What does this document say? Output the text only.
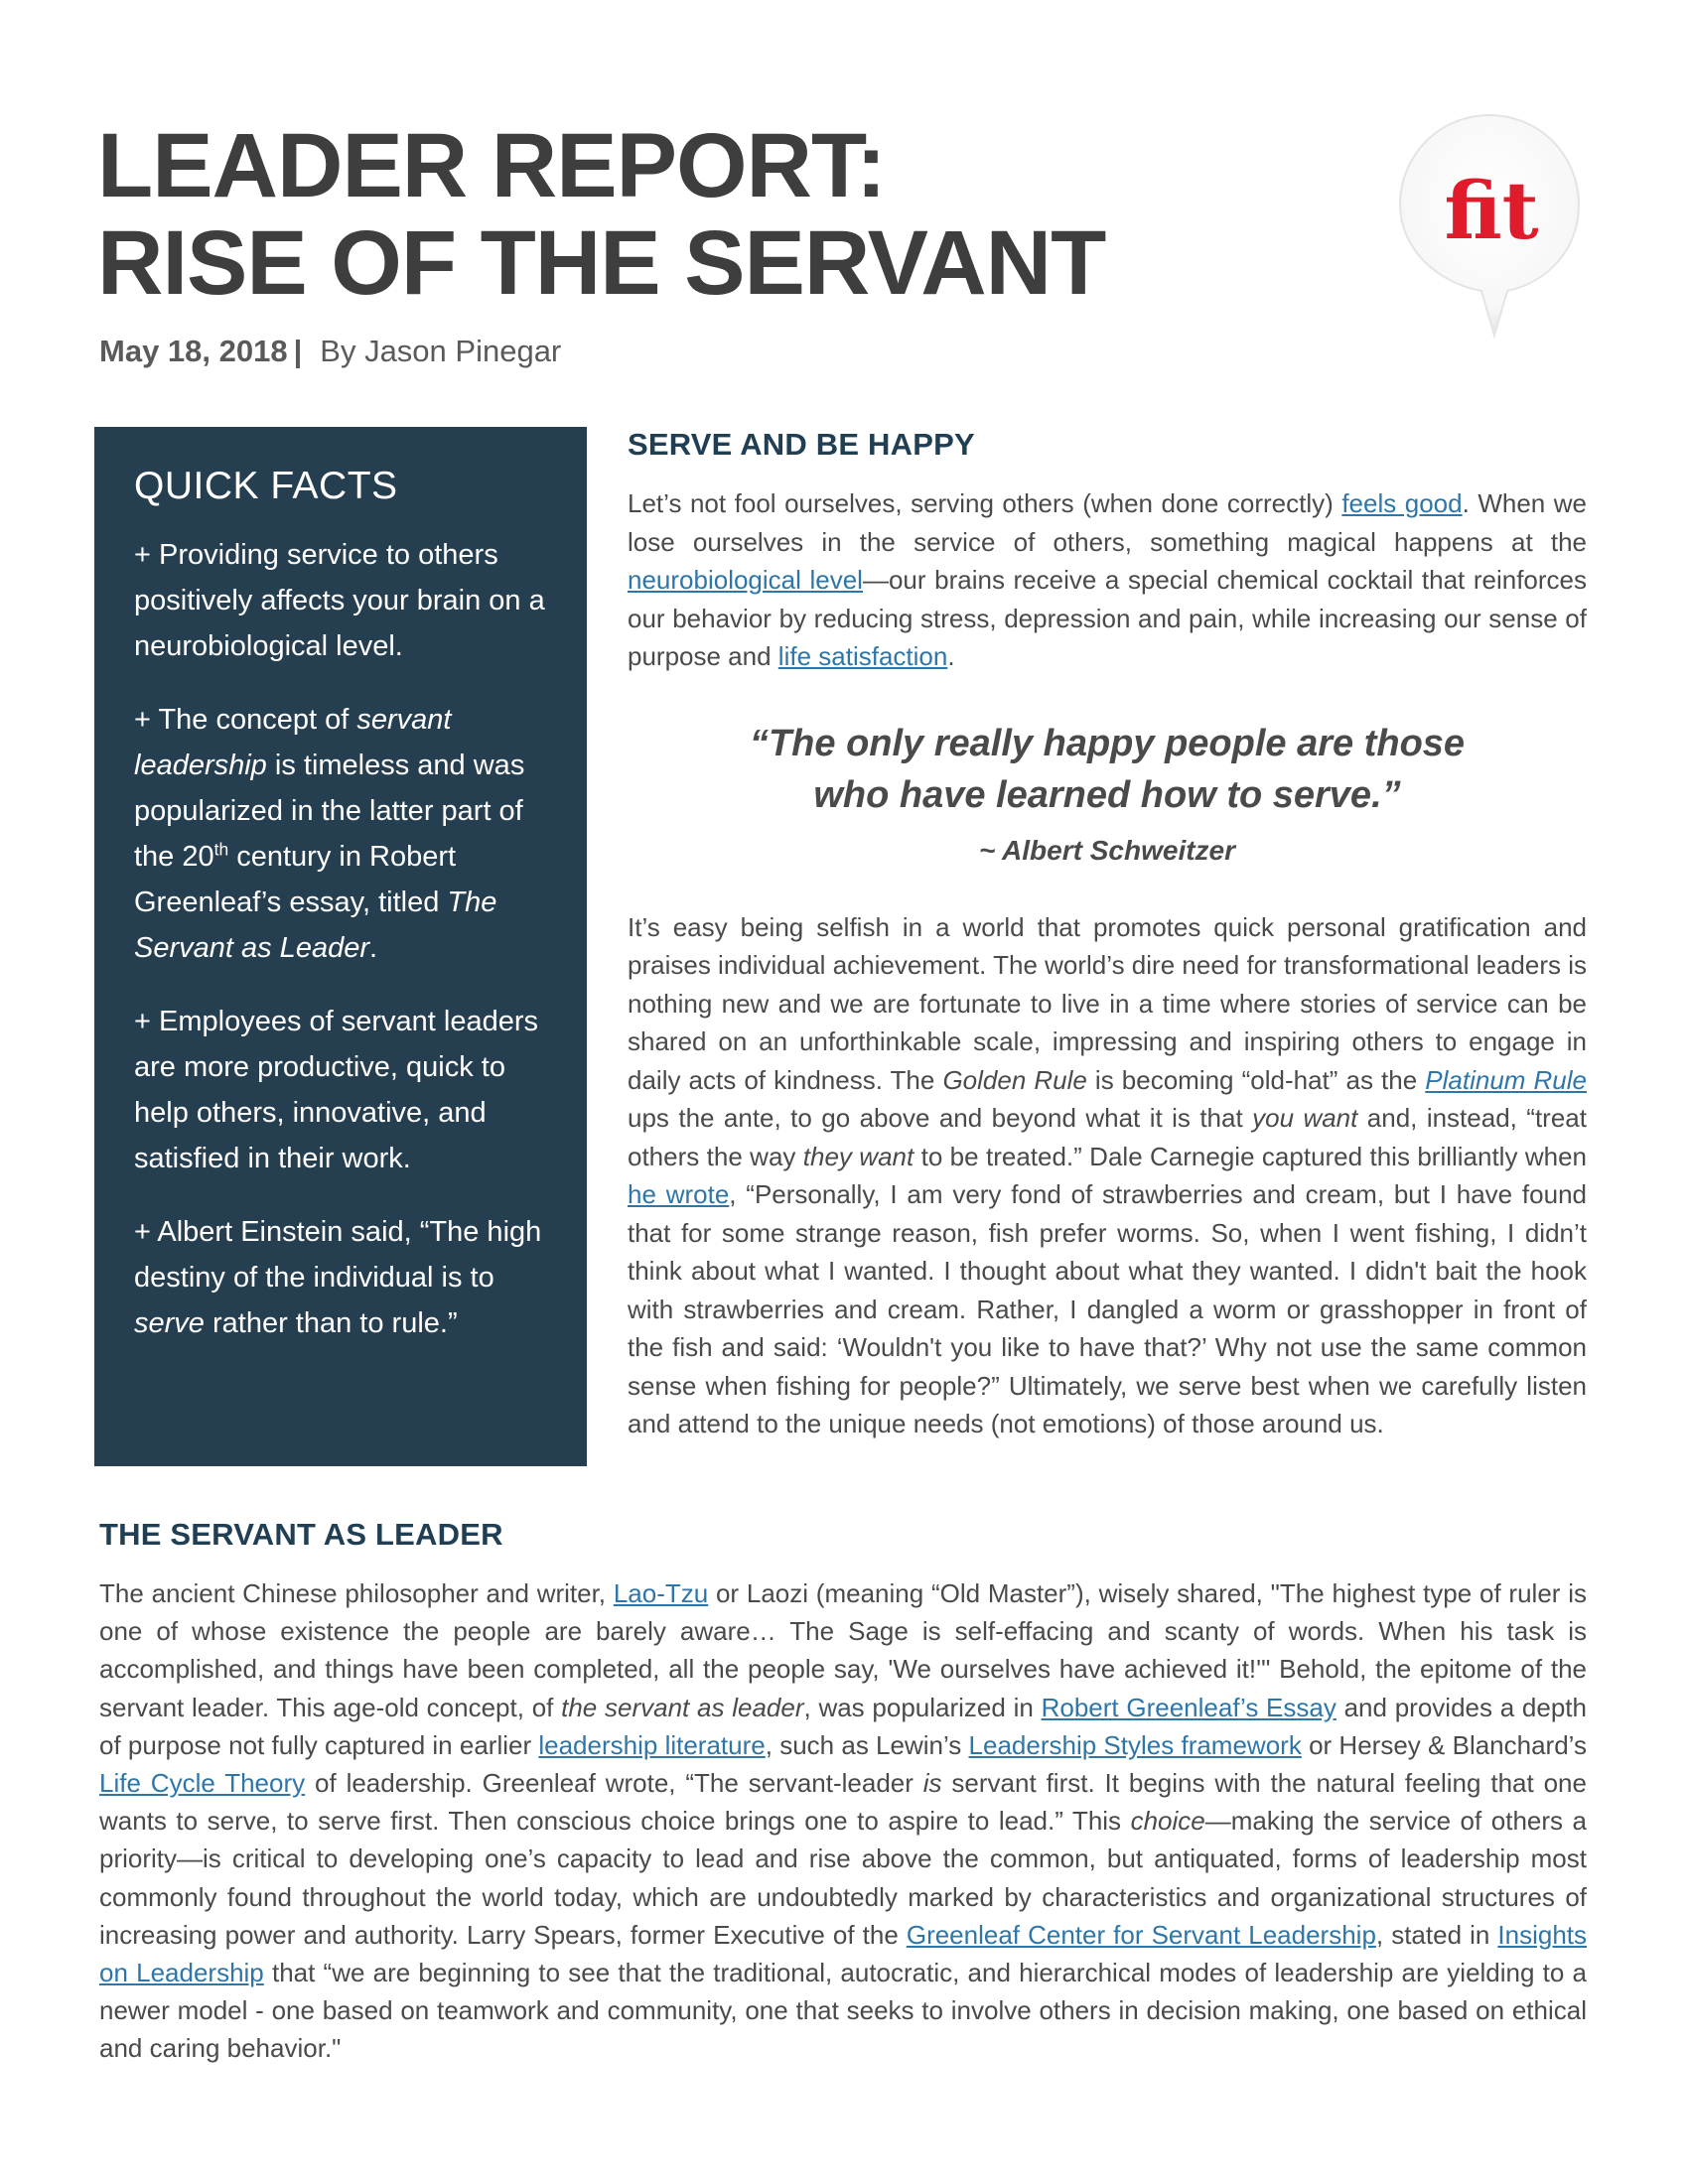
LEADER REPORT:
RISE OF THE SERVANT
May 18, 2018 | By Jason Pinegar
fit
QUICK FACTS

+ Providing service to others positively affects your brain on a neurobiological level.

+ The concept of servant leadership is timeless and was popularized in the latter part of the 20th century in Robert Greenleaf’s essay, titled The Servant as Leader.

+ Employees of servant leaders are more productive, quick to help others, innovative, and satisfied in their work.

+ Albert Einstein said, “The high destiny of the individual is to serve rather than to rule.”

SERVE AND BE HAPPY

Let’s not fool ourselves, serving others (when done correctly) feels good. When we lose ourselves in the service of others, something magical happens at the neurobiological level—our brains receive a special chemical cocktail that reinforces our behavior by reducing stress, depression and pain, while increasing our sense of purpose and life satisfaction.

“The only really happy people are those
who have learned how to serve.”
~ Albert Schweitzer

It’s easy being selfish in a world that promotes quick personal gratification and praises individual achievement. The world’s dire need for transformational leaders is nothing new and we are fortunate to live in a time where stories of service can be shared on an unforthinkable scale, impressing and inspiring others to engage in daily acts of kindness. The Golden Rule is becoming “old-hat” as the Platinum Rule ups the ante, to go above and beyond what it is that you want and, instead, “treat others the way they want to be treated.” Dale Carnegie captured this brilliantly when he wrote, “Personally, I am very fond of strawberries and cream, but I have found that for some strange reason, fish prefer worms. So, when I went fishing, I didn’t think about what I wanted. I thought about what they wanted. I didn't bait the hook with strawberries and cream. Rather, I dangled a worm or grasshopper in front of the fish and said: ‘Wouldn't you like to have that?’ Why not use the same common sense when fishing for people?” Ultimately, we serve best when we carefully listen and attend to the unique needs (not emotions) of those around us.

THE SERVANT AS LEADER

The ancient Chinese philosopher and writer, Lao-Tzu or Laozi (meaning “Old Master”), wisely shared, "The highest type of ruler is one of whose existence the people are barely aware… The Sage is self-effacing and scanty of words. When his task is accomplished, and things have been completed, all the people say, 'We ourselves have achieved it!'" Behold, the epitome of the servant leader. This age-old concept, of the servant as leader, was popularized in Robert Greenleaf’s Essay and provides a depth of purpose not fully captured in earlier leadership literature, such as Lewin’s Leadership Styles framework or Hersey & Blanchard’s Life Cycle Theory of leadership. Greenleaf wrote, “The servant-leader is servant first. It begins with the natural feeling that one wants to serve, to serve first. Then conscious choice brings one to aspire to lead.” This choice—making the service of others a priority—is critical to developing one’s capacity to lead and rise above the common, but antiquated, forms of leadership most commonly found throughout the world today, which are undoubtedly marked by characteristics and organizational structures of increasing power and authority. Larry Spears, former Executive of the Greenleaf Center for Servant Leadership, stated in Insights on Leadership that “we are beginning to see that the traditional, autocratic, and hierarchical modes of leadership are yielding to a newer model - one based on teamwork and community, one that seeks to involve others in decision making, one based on ethical and caring behavior."
